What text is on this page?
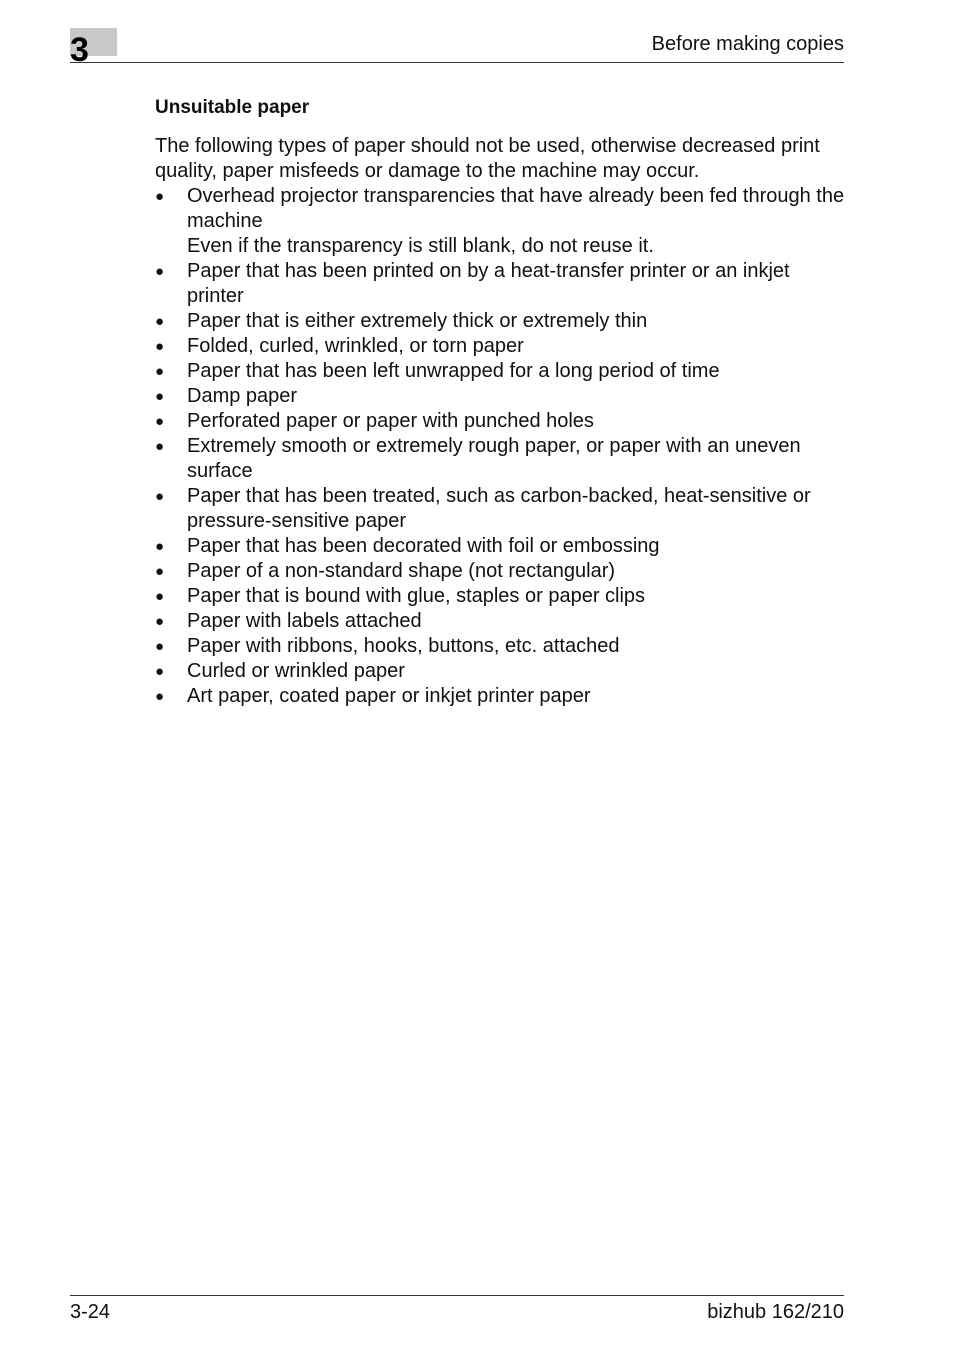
3	Before making copies
Unsuitable paper

The following types of paper should not be used, otherwise decreased print quality, paper misfeeds or damage to the machine may occur.

● Overhead projector transparencies that have already been fed through the machine
Even if the transparency is still blank, do not reuse it.
● Paper that has been printed on by a heat-transfer printer or an inkjet printer
● Paper that is either extremely thick or extremely thin
● Folded, curled, wrinkled, or torn paper
● Paper that has been left unwrapped for a long period of time
● Damp paper
● Perforated paper or paper with punched holes
● Extremely smooth or extremely rough paper, or paper with an uneven surface
● Paper that has been treated, such as carbon-backed, heat-sensitive or pressure-sensitive paper
● Paper that has been decorated with foil or embossing
● Paper of a non-standard shape (not rectangular)
● Paper that is bound with glue, staples or paper clips
● Paper with labels attached
● Paper with ribbons, hooks, buttons, etc. attached
● Curled or wrinkled paper
● Art paper, coated paper or inkjet printer paper
3-24	bizhub 162/210
